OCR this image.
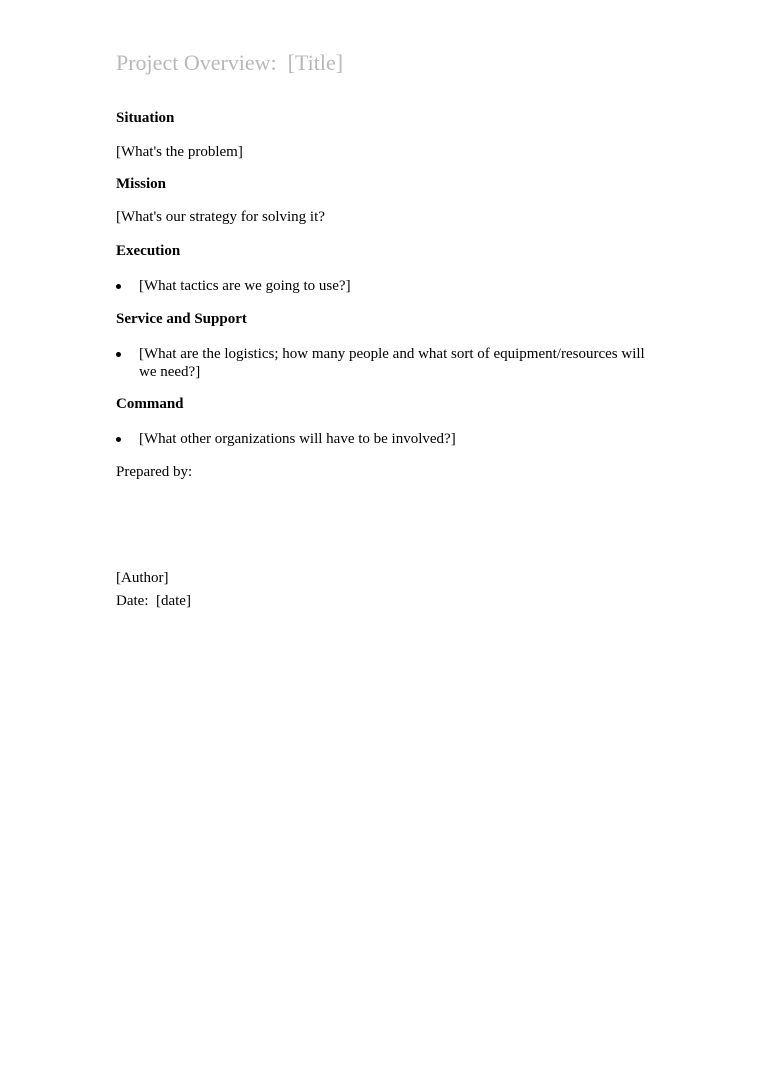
Project Overview:  [Title]
Situation
[What's the problem]
Mission
[What's our strategy for solving it?
Execution
[What tactics are we going to use?]
Service and Support
[What are the logistics; how many people and what sort of equipment/resources will we need?]
Command
[What other organizations will have to be involved?]
Prepared by:
[Author]
Date:  [date]
